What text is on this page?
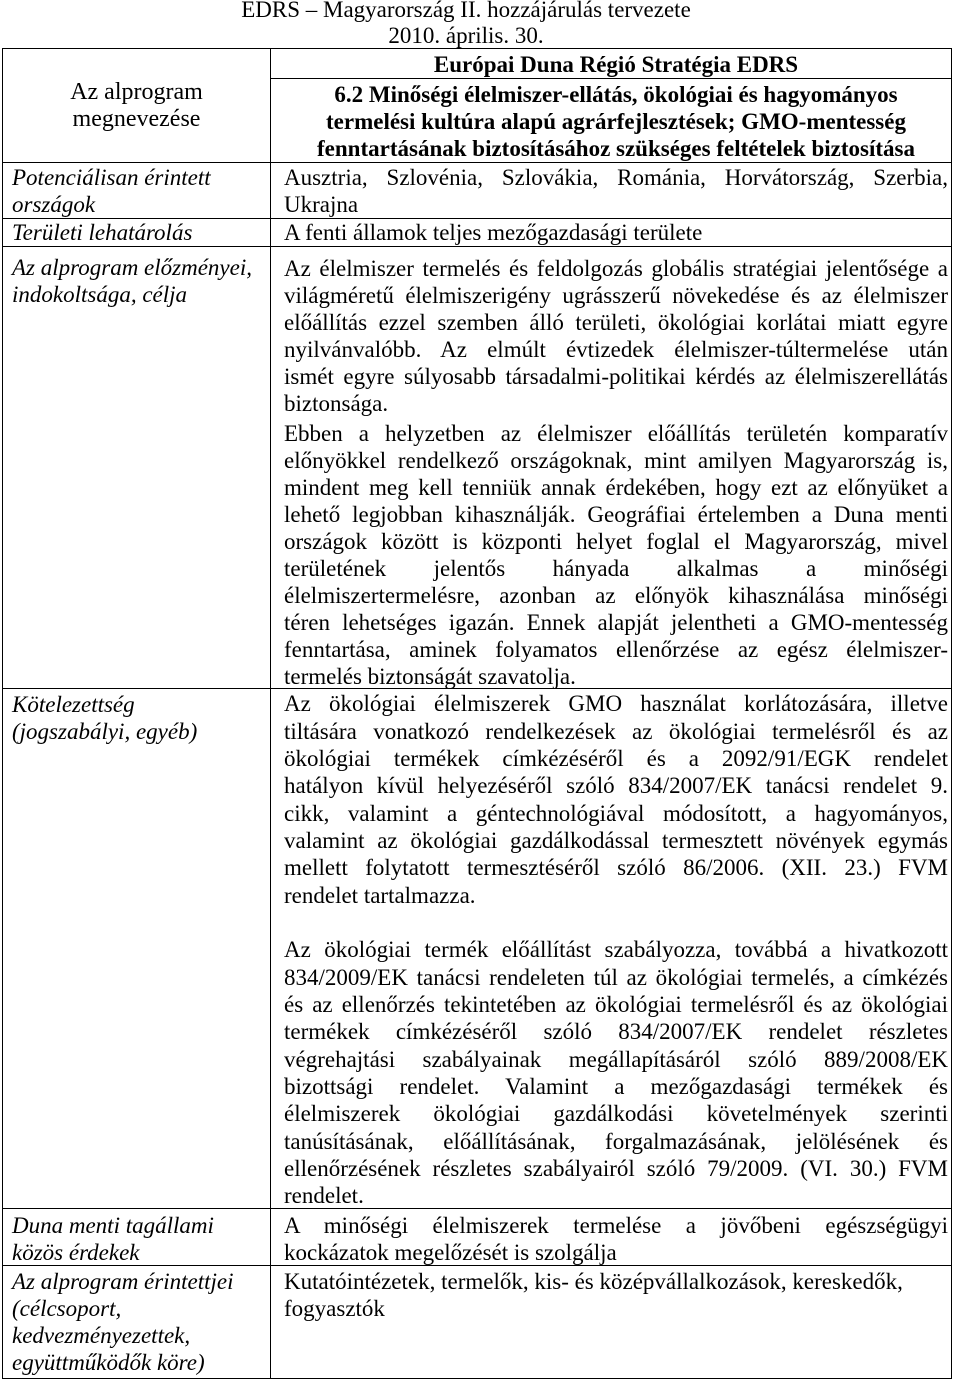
EDRS – Magyarország II. hozzájárulás tervezete
2010. április. 30.
Az alprogram
megnevezése
Európai Duna Régió Stratégia EDRS
6.2 Minőségi élelmiszer-ellátás, ökológiai és hagyományos
termelési kultúra alapú agrárfejlesztések; GMO-mentesség
fenntartásának biztosításához szükséges feltételek biztosítása
Potenciálisan érintett
országok
Ausztria, Szlovénia, Szlovákia, Románia, Horvátország, Szerbia,
Ukrajna
Területi lehatárolás	A fenti államok teljes mezőgazdasági területe
Az alprogram előzményei,
indokoltsága, célja
Az élelmiszer termelés és feldolgozás globális stratégiai jelentősége a
világméretű élelmiszerigény ugrásszerű növekedése és az élelmiszer
előállítás ezzel szemben álló területi, ökológiai korlátai miatt egyre
nyilvánvalóbb. Az elmúlt évtizedek élelmiszer-túltermelése után
ismét egyre súlyosabb társadalmi-politikai kérdés az élelmiszerellátás
biztonsága.
Ebben a helyzetben az élelmiszer előállítás területén komparatív
előnyökkel rendelkező országoknak, mint amilyen Magyarország is,
mindent meg kell tenniük annak érdekében, hogy ezt az előnyüket a
lehető legjobban kihasználják. Geográfiai értelemben a Duna menti
országok között is központi helyet foglal el Magyarország, mivel
területének jelentős hányada alkalmas a minőségi
élelmiszertermelésre, azonban az előnyök kihasználása minőségi
téren lehetséges igazán. Ennek alapját jelentheti a GMO-mentesség
fenntartása, aminek folyamatos ellenőrzése az egész élelmiszer-
termelés biztonságát szavatolja.
Kötelezettség
(jogszabályi, egyéb)
Az ökológiai élelmiszerek GMO használat korlátozására, illetve
tiltására vonatkozó rendelkezések az ökológiai termelésről és az
ökológiai termékek címkézéséről és a 2092/91/EGK rendelet
hatályon kívül helyezéséről szóló 834/2007/EK tanácsi rendelet 9.
cikk, valamint a géntechnológiával módosított, a hagyományos,
valamint az ökológiai gazdálkodással termesztett növények egymás
mellett folytatott termesztéséről szóló 86/2006. (XII. 23.) FVM
rendelet tartalmazza.
Az ökológiai termék előállítást szabályozza, továbbá a hivatkozott
834/2009/EK tanácsi rendeleten túl az ökológiai termelés, a címkézés
és az ellenőrzés tekintetében az ökológiai termelésről és az ökológiai
termékek címkézéséről szóló 834/2007/EK rendelet részletes
végrehajtási szabályainak megállapításáról szóló 889/2008/EK
bizottsági rendelet. Valamint a mezőgazdasági termékek és
élelmiszerek ökológiai gazdálkodási követelmények szerinti
tanúsításának, előállításának, forgalmazásának, jelölésének és
ellenőrzésének részletes szabályairól szóló 79/2009. (VI. 30.) FVM
rendelet.
Duna menti tagállami
közös érdekek
A minőségi élelmiszerek termelése a jövőbeni egészségügyi
kockázatok megelőzését is szolgálja
Az alprogram érintettjei
(célcsoport,
kedvezményezettek,
együttműködők köre)
Kutatóintézetek, termelők, kis- és középvállalkozások, kereskedők,
fogyasztók
